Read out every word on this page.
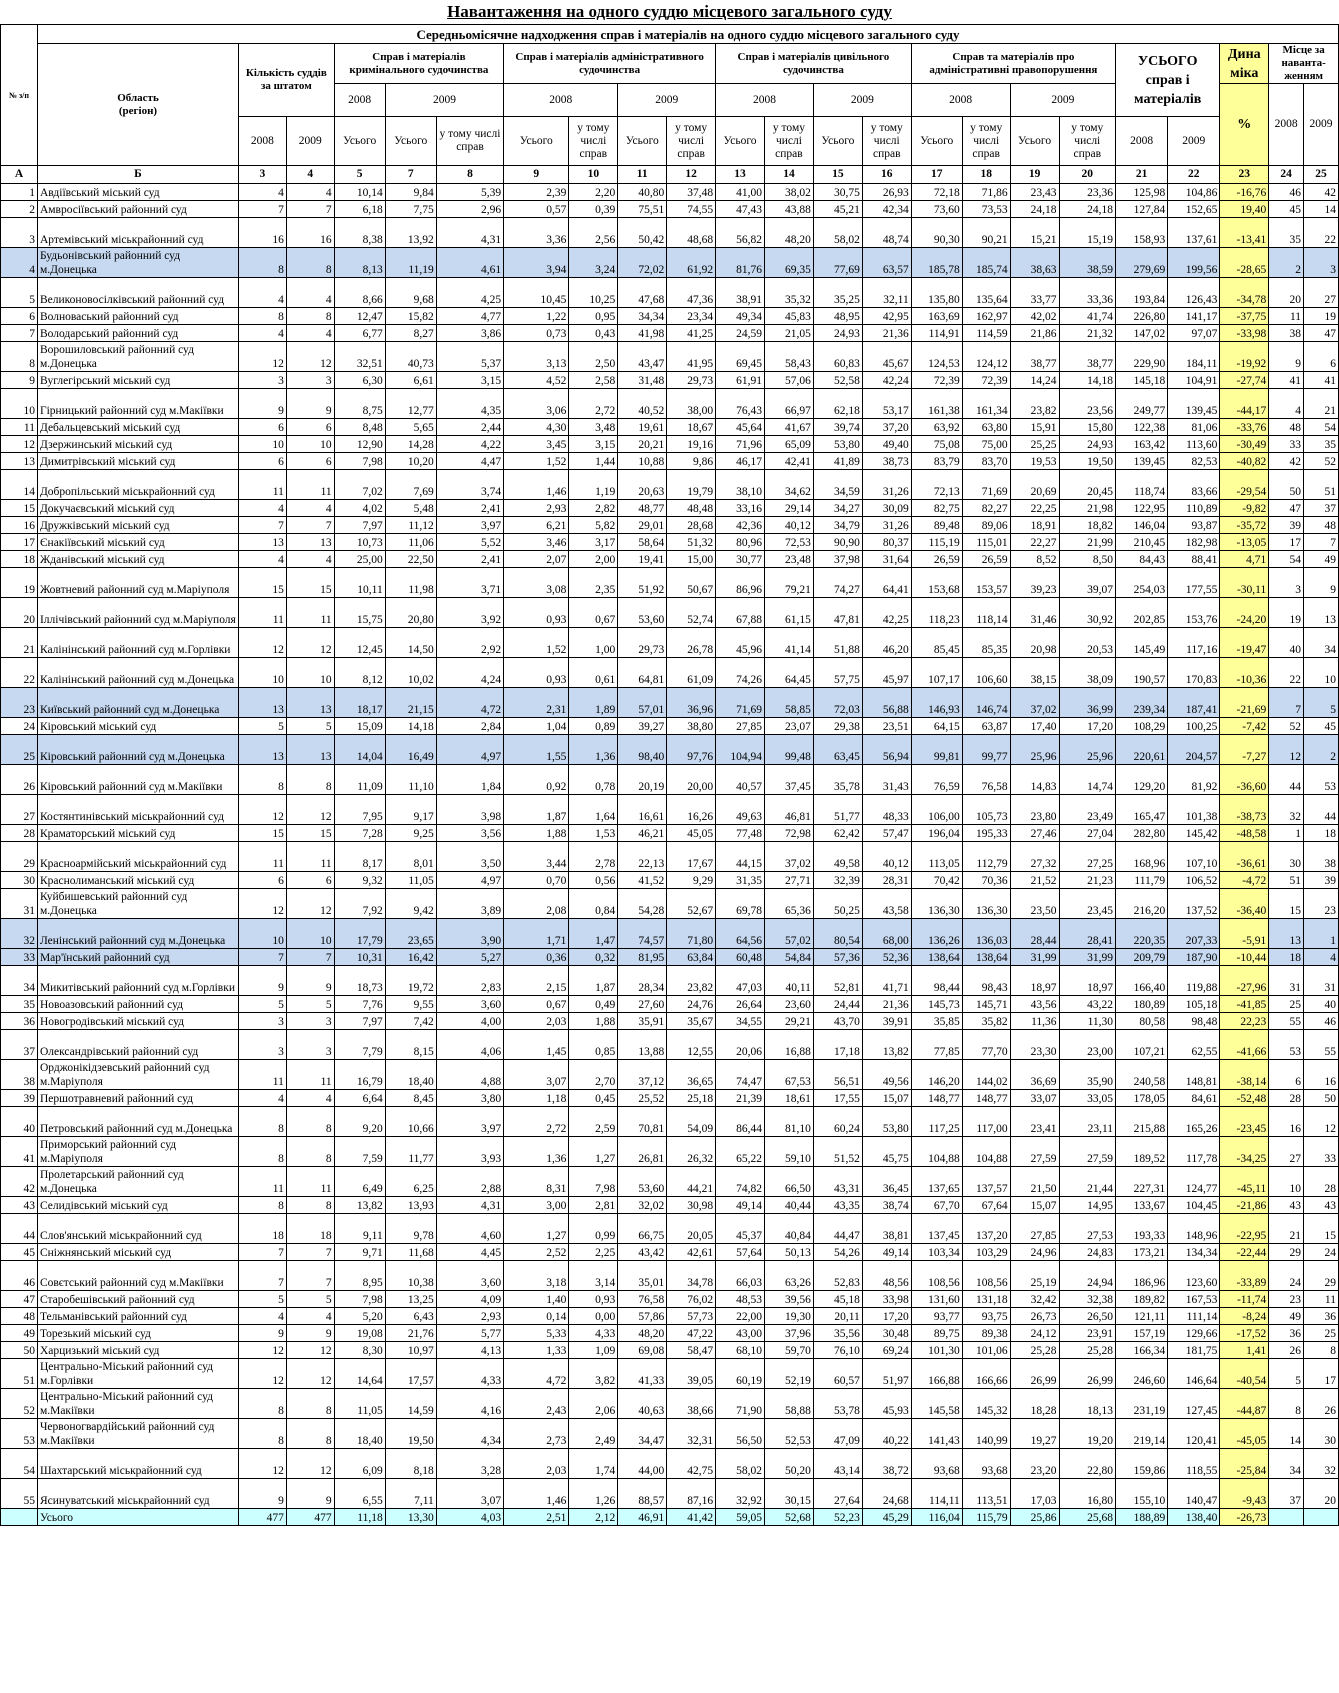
Навантаження на одного суддю місцевого загального суду
№ з/п	Середньомісячне надходження справ і матеріалів на одного суддю місцевого загального суду																						
	Область
(регіон)	Кількість суддів за штатом		Справ і матеріалів кримінального судочинства			Справ і матеріалів адміністративного судочинства				Справ і матеріалів цивільного судочинства				Справ та матеріалів про адміністративні правопорушення				УСЬОГО справ і матеріалів		Дина міка	Місце за наванта-женням	
				2008	2009		2008		2009		2008		2009		2008		2009				%	2008	2009
		2008	2009	Усього	Усього	у тому числі справ	Усього	у тому числі справ	Усього	у тому числі справ	Усього	у тому числі справ	Усього	у тому числі справ	Усього	у тому числі справ	Усього	у тому числі справ	2008	2009			
А	Б	3	4	5	7	8	9	10	11	12	13	14	15	16	17	18	19	20	21	22	23	24	25
1	Авдіївський міський суд	4	4	10,14	9,84	5,39	2,39	2,20	40,80	37,48	41,00	38,02	30,75	26,93	72,18	71,86	23,43	23,36	125,98	104,86	-16,76	46	42
2	Амвросіївський районний суд	7	7	6,18	7,75	2,96	0,57	0,39	75,51	74,55	47,43	43,88	45,21	42,34	73,60	73,53	24,18	24,18	127,84	152,65	19,40	45	14
3	Артемівський міськрайонний суд	16	16	8,38	13,92	4,31	3,36	2,56	50,42	48,68	56,82	48,20	58,02	48,74	90,30	90,21	15,21	15,19	158,93	137,61	-13,41	35	22
4	Будьонівський районний суд м.Донецька	8	8	8,13	11,19	4,61	3,94	3,24	72,02	61,92	81,76	69,35	77,69	63,57	185,78	185,74	38,63	38,59	279,69	199,56	-28,65	2	3
5	Великоновосілківський районний суд	4	4	8,66	9,68	4,25	10,45	10,25	47,68	47,36	38,91	35,32	35,25	32,11	135,80	135,64	33,77	33,36	193,84	126,43	-34,78	20	27
6	Волноваський районний суд	8	8	12,47	15,82	4,77	1,22	0,95	34,34	23,34	49,34	45,83	48,95	42,95	163,69	162,97	42,02	41,74	226,80	141,17	-37,75	11	19
7	Володарський районний суд	4	4	6,77	8,27	3,86	0,73	0,43	41,98	41,25	24,59	21,05	24,93	21,36	114,91	114,59	21,86	21,32	147,02	97,07	-33,98	38	47
8	Ворошиловський районний суд м.Донецька	12	12	32,51	40,73	5,37	3,13	2,50	43,47	41,95	69,45	58,43	60,83	45,67	124,53	124,12	38,77	38,77	229,90	184,11	-19,92	9	6
9	Вуглегірський міський суд	3	3	6,30	6,61	3,15	4,52	2,58	31,48	29,73	61,91	57,06	52,58	42,24	72,39	72,39	14,24	14,18	145,18	104,91	-27,74	41	41
10	Гірницький районний суд м.Макіївки	9	9	8,75	12,77	4,35	3,06	2,72	40,52	38,00	76,43	66,97	62,18	53,17	161,38	161,34	23,82	23,56	249,77	139,45	-44,17	4	21
11	Дебальцевський міський суд	6	6	8,48	5,65	2,44	4,30	3,48	19,61	18,67	45,64	41,67	39,74	37,20	63,92	63,80	15,91	15,80	122,38	81,06	-33,76	48	54
12	Дзержинський міський суд	10	10	12,90	14,28	4,22	3,45	3,15	20,21	19,16	71,96	65,09	53,80	49,40	75,08	75,00	25,25	24,93	163,42	113,60	-30,49	33	35
13	Димитрівський міський суд	6	6	7,98	10,20	4,47	1,52	1,44	10,88	9,86	46,17	42,41	41,89	38,73	83,79	83,70	19,53	19,50	139,45	82,53	-40,82	42	52
14	Добропільський міськрайонний суд	11	11	7,02	7,69	3,74	1,46	1,19	20,63	19,79	38,10	34,62	34,59	31,26	72,13	71,69	20,69	20,45	118,74	83,66	-29,54	50	51
15	Докучаєвський міський суд	4	4	4,02	5,48	2,41	2,93	2,82	48,77	48,48	33,16	29,14	34,27	30,09	82,75	82,27	22,25	21,98	122,95	110,89	-9,82	47	37
16	Дружківський міський суд	7	7	7,97	11,12	3,97	6,21	5,82	29,01	28,68	42,36	40,12	34,79	31,26	89,48	89,06	18,91	18,82	146,04	93,87	-35,72	39	48
17	Єнакіївський міський суд	13	13	10,73	11,06	5,52	3,46	3,17	58,64	51,32	80,96	72,53	90,90	80,37	115,19	115,01	22,27	21,99	210,45	182,98	-13,05	17	7
18	Жданівський міський суд	4	4	25,00	22,50	2,41	2,07	2,00	19,41	15,00	30,77	23,48	37,98	31,64	26,59	26,59	8,52	8,50	84,43	88,41	4,71	54	49
19	Жовтневий районний суд м.Маріуполя	15	15	10,11	11,98	3,71	3,08	2,35	51,92	50,67	86,96	79,21	74,27	64,41	153,68	153,57	39,23	39,07	254,03	177,55	-30,11	3	9
20	Іллічівський районний суд м.Маріуполя	11	11	15,75	20,80	3,92	0,93	0,67	53,60	52,74	67,88	61,15	47,81	42,25	118,23	118,14	31,46	30,92	202,85	153,76	-24,20	19	13
21	Калінінський районний суд м.Горлівки	12	12	12,45	14,50	2,92	1,52	1,00	29,73	26,78	45,96	41,14	51,88	46,20	85,45	85,35	20,98	20,53	145,49	117,16	-19,47	40	34
22	Калінінський районний суд м.Донецька	10	10	8,12	10,02	4,24	0,93	0,61	64,81	61,09	74,26	64,45	57,75	45,97	107,17	106,60	38,15	38,09	190,57	170,83	-10,36	22	10
23	Київський районний суд м.Донецька	13	13	18,17	21,15	4,72	2,31	1,89	57,01	36,96	71,69	58,85	72,03	56,88	146,93	146,74	37,02	36,99	239,34	187,41	-21,69	7	5
24	Кіровський міський суд	5	5	15,09	14,18	2,84	1,04	0,89	39,27	38,80	27,85	23,07	29,38	23,51	64,15	63,87	17,40	17,20	108,29	100,25	-7,42	52	45
25	Кіровський районний суд м.Донецька	13	13	14,04	16,49	4,97	1,55	1,36	98,40	97,76	104,94	99,48	63,45	56,94	99,81	99,77	25,96	25,96	220,61	204,57	-7,27	12	2
26	Кіровський районний суд м.Макіївки	8	8	11,09	11,10	1,84	0,92	0,78	20,19	20,00	40,57	37,45	35,78	31,43	76,59	76,58	14,83	14,74	129,20	81,92	-36,60	44	53
27	Костянтинівський міськрайонний суд	12	12	7,95	9,17	3,98	1,87	1,64	16,61	16,26	49,63	46,81	51,77	48,33	106,00	105,73	23,80	23,49	165,47	101,38	-38,73	32	44
28	Краматорський міський суд	15	15	7,28	9,25	3,56	1,88	1,53	46,21	45,05	77,48	72,98	62,42	57,47	196,04	195,33	27,46	27,04	282,80	145,42	-48,58	1	18
29	Красноармійський міськрайонний суд	11	11	8,17	8,01	3,50	3,44	2,78	22,13	17,67	44,15	37,02	49,58	40,12	113,05	112,79	27,32	27,25	168,96	107,10	-36,61	30	38
30	Краснолиманський міський суд	6	6	9,32	11,05	4,97	0,70	0,56	41,52	9,29	31,35	27,71	32,39	28,31	70,42	70,36	21,52	21,23	111,79	106,52	-4,72	51	39
31	Куйбишевський районний суд м.Донецька	12	12	7,92	9,42	3,89	2,08	0,84	54,28	52,67	69,78	65,36	50,25	43,58	136,30	136,30	23,50	23,45	216,20	137,52	-36,40	15	23
32	Ленінський районний суд м.Донецька	10	10	17,79	23,65	3,90	1,71	1,47	74,57	71,80	64,56	57,02	80,54	68,00	136,26	136,03	28,44	28,41	220,35	207,33	-5,91	13	1
33	Мар'їнський районний суд	7	7	10,31	16,42	5,27	0,36	0,32	81,95	63,84	60,48	54,84	57,36	52,36	138,64	138,64	31,99	31,99	209,79	187,90	-10,44	18	4
34	Микитівський районний суд м.Горлівки	9	9	18,73	19,72	2,83	2,15	1,87	28,34	23,82	47,03	40,11	52,81	41,71	98,44	98,43	18,97	18,97	166,40	119,88	-27,96	31	31
35	Новоазовський районний суд	5	5	7,76	9,55	3,60	0,67	0,49	27,60	24,76	26,64	23,60	24,44	21,36	145,73	145,71	43,56	43,22	180,89	105,18	-41,85	25	40
36	Новогродівський міський суд	3	3	7,97	7,42	4,00	2,03	1,88	35,91	35,67	34,55	29,21	43,70	39,91	35,85	35,82	11,36	11,30	80,58	98,48	22,23	55	46
37	Олександрівський районний суд	3	3	7,79	8,15	4,06	1,45	0,85	13,88	12,55	20,06	16,88	17,18	13,82	77,85	77,70	23,30	23,00	107,21	62,55	-41,66	53	55
38	Орджонікідзевський районний суд м.Маріуполя	11	11	16,79	18,40	4,88	3,07	2,70	37,12	36,65	74,47	67,53	56,51	49,56	146,20	144,02	36,69	35,90	240,58	148,81	-38,14	6	16
39	Першотравневий районний суд	4	4	6,64	8,45	3,80	1,18	0,45	25,52	25,18	21,39	18,61	17,55	15,07	148,77	148,77	33,07	33,05	178,05	84,61	-52,48	28	50
40	Петровський районний суд м.Донецька	8	8	9,20	10,66	3,97	2,72	2,59	70,81	54,09	86,44	81,10	60,24	53,80	117,25	117,00	23,41	23,11	215,88	165,26	-23,45	16	12
41	Приморський районний суд м.Маріуполя	8	8	7,59	11,77	3,93	1,36	1,27	26,81	26,32	65,22	59,10	51,52	45,75	104,88	104,88	27,59	27,59	189,52	117,78	-34,25	27	33
42	Пролетарський районний суд м.Донецька	11	11	6,49	6,25	2,88	8,31	7,98	53,60	44,21	74,82	66,50	43,31	36,45	137,65	137,57	21,50	21,44	227,31	124,77	-45,11	10	28
43	Селидівський міський суд	8	8	13,82	13,93	4,31	3,00	2,81	32,02	30,98	49,14	40,44	43,35	38,74	67,70	67,64	15,07	14,95	133,67	104,45	-21,86	43	43
44	Слов'янський міськрайонний суд	18	18	9,11	9,78	4,60	1,27	0,99	66,75	20,05	45,37	40,84	44,47	38,81	137,45	137,20	27,85	27,53	193,33	148,96	-22,95	21	15
45	Сніжнянський міський суд	7	7	9,71	11,68	4,45	2,52	2,25	43,42	42,61	57,64	50,13	54,26	49,14	103,34	103,29	24,96	24,83	173,21	134,34	-22,44	29	24
46	Совєтський районний суд м.Макіївки	7	7	8,95	10,38	3,60	3,18	3,14	35,01	34,78	66,03	63,26	52,83	48,56	108,56	108,56	25,19	24,94	186,96	123,60	-33,89	24	29
47	Старобешівський районний суд	5	5	7,98	13,25	4,09	1,40	0,93	76,58	76,02	48,53	39,56	45,18	33,98	131,60	131,18	32,42	32,38	189,82	167,53	-11,74	23	11
48	Тельманівський районний суд	4	4	5,20	6,43	2,93	0,14	0,00	57,86	57,73	22,00	19,30	20,11	17,20	93,77	93,75	26,73	26,50	121,11	111,14	-8,24	49	36
49	Торезький міський суд	9	9	19,08	21,76	5,77	5,33	4,33	48,20	47,22	43,00	37,96	35,56	30,48	89,75	89,38	24,12	23,91	157,19	129,66	-17,52	36	25
50	Харцизький міський суд	12	12	8,30	10,97	4,13	1,33	1,09	69,08	58,47	68,10	59,70	76,10	69,24	101,30	101,06	25,28	25,28	166,34	181,75	1,41	26	8
51	Центрально-Міський районний суд м.Горлівки	12	12	14,64	17,57	4,33	4,72	3,82	41,33	39,05	60,19	52,19	60,57	51,97	166,88	166,66	26,99	26,99	246,60	146,64	-40,54	5	17
52	Центрально-Міський районний суд м.Макіївки	8	8	11,05	14,59	4,16	2,43	2,06	40,63	38,66	71,90	58,88	53,78	45,93	145,58	145,32	18,28	18,13	231,19	127,45	-44,87	8	26
53	Червоногвардійський районний суд м.Макіївки	8	8	18,40	19,50	4,34	2,73	2,49	34,47	32,31	56,50	52,53	47,09	40,22	141,43	140,99	19,27	19,20	219,14	120,41	-45,05	14	30
54	Шахтарський міськрайонний суд	12	12	6,09	8,18	3,28	2,03	1,74	44,00	42,75	58,02	50,20	43,14	38,72	93,68	93,68	23,20	22,80	159,86	118,55	-25,84	34	32
55	Ясинуватський міськрайонний суд	9	9	6,55	7,11	3,07	1,46	1,26	88,57	87,16	32,92	30,15	27,64	24,68	114,11	113,51	17,03	16,80	155,10	140,47	-9,43	37	20
	Усього	477	477	11,18	13,30	4,03	2,51	2,12	46,91	41,42	59,05	52,68	52,23	45,29	116,04	115,79	25,86	25,68	188,89	138,40	-26,73		
